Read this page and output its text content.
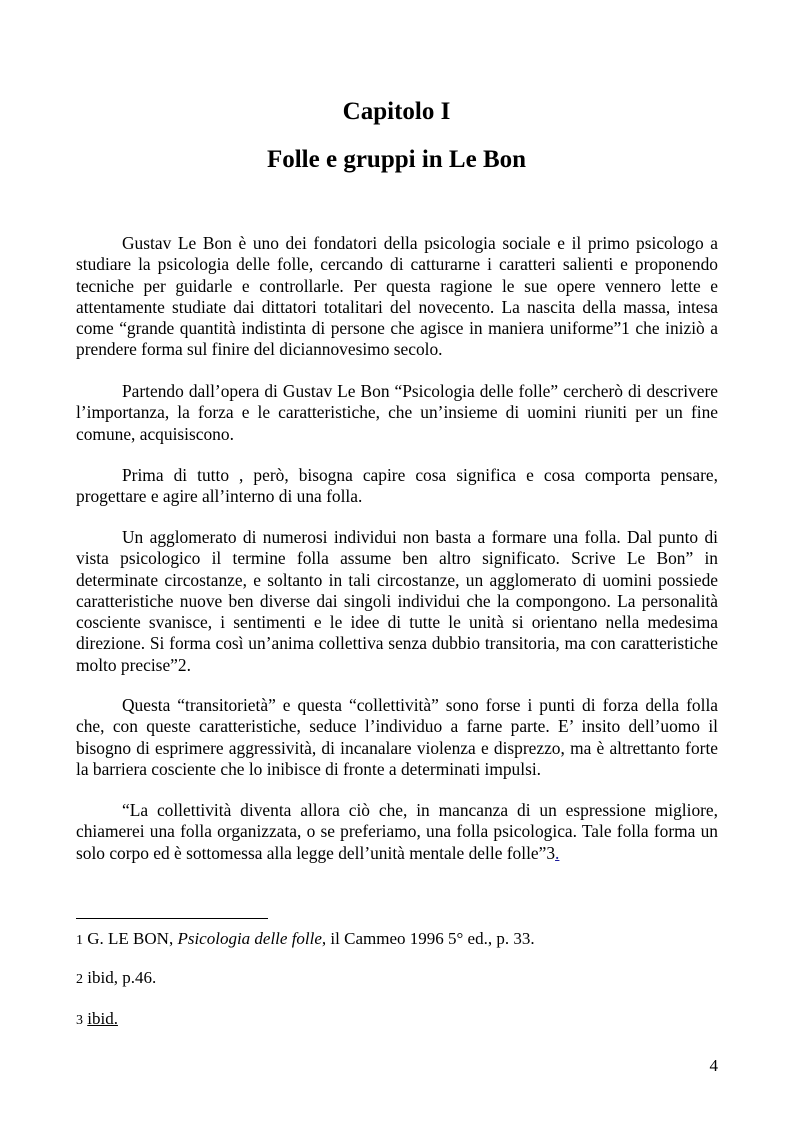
Capitolo I
Folle e gruppi in Le Bon

Gustav Le Bon è uno dei fondatori della psicologia sociale e il primo psicologo a studiare la psicologia delle folle, cercando di catturarne i caratteri salienti e proponendo tecniche per guidarle e controllarle. Per questa ragione le sue opere vennero lette e attentamente studiate dai dittatori totalitari del novecento. La nascita della massa, intesa come “grande quantità indistinta di persone che agisce in maniera uniforme”1 che iniziò a prendere forma sul finire del diciannovesimo secolo.

Partendo dall’opera di Gustav Le Bon “Psicologia delle folle” cercherò di descrivere l’importanza, la forza e le caratteristiche, che un’insieme di uomini riuniti per un fine comune, acquisiscono.

Prima di tutto , però, bisogna capire cosa significa e cosa comporta pensare, progettare e agire all’interno di una folla.

Un agglomerato di numerosi individui non basta a formare una folla. Dal punto di vista psicologico il termine folla assume ben altro significato. Scrive Le Bon” in determinate circostanze, e soltanto in tali circostanze, un agglomerato di uomini possiede caratteristiche nuove ben diverse dai singoli individui che la compongono. La personalità cosciente svanisce, i sentimenti e le idee di tutte le unità si orientano nella medesima direzione. Si forma così un’anima collettiva senza dubbio transitoria, ma con caratteristiche molto precise”2.

Questa “transitorietà” e questa “collettività” sono forse i punti di forza della folla che, con queste caratteristiche, seduce l’individuo a farne parte. E’ insito dell’uomo il bisogno di esprimere aggressività, di incanalare violenza e disprezzo, ma è altrettanto forte la barriera cosciente che lo inibisce di fronte a determinati impulsi.

“La collettività diventa allora ciò che, in mancanza di un espressione migliore, chiamerei una folla organizzata, o se preferiamo, una folla psicologica. Tale folla forma un solo corpo ed è sottomessa alla legge dell’unità mentale delle folle”3.

1 G. LE BON, Psicologia delle folle, il Cammeo 1996 5° ed., p. 33.
2 ibid, p.46.
3 ibid.
4
